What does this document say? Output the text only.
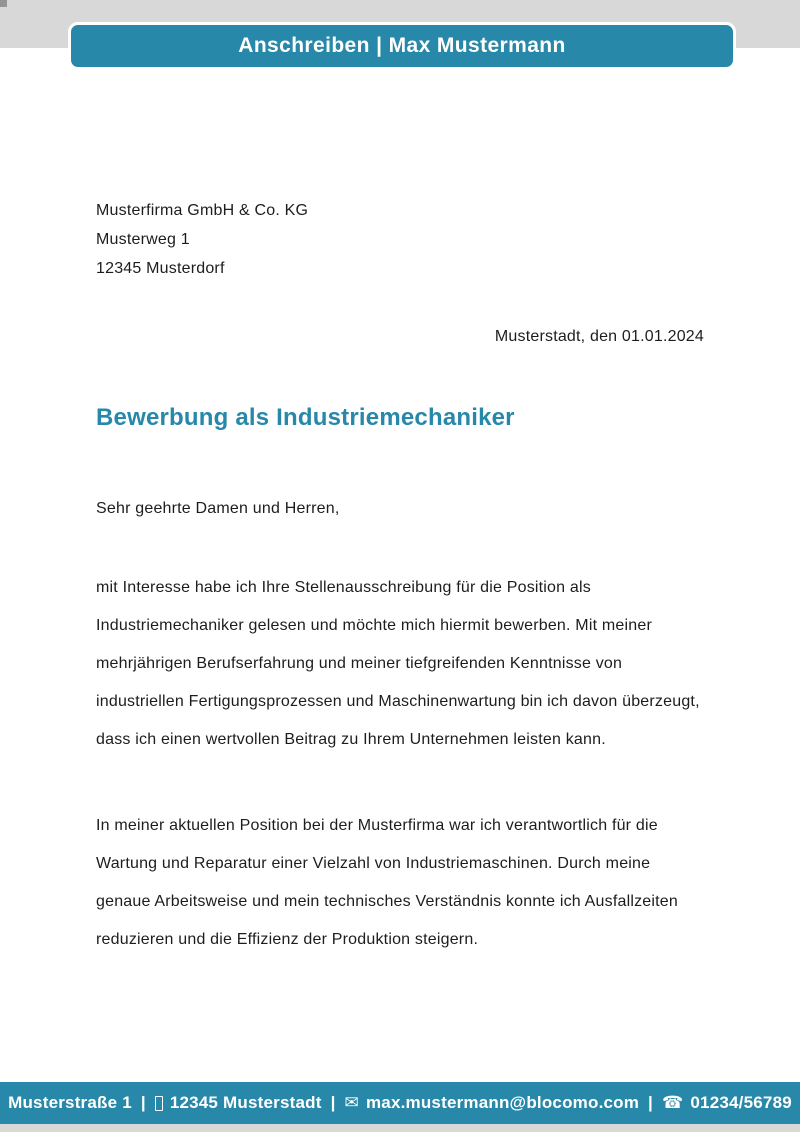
Anschreiben | Max Mustermann
Musterfirma GmbH & Co. KG
Musterweg 1
12345 Musterdorf
Musterstadt, den 01.01.2024
Bewerbung als Industriemechaniker
Sehr geehrte Damen und Herren,
mit Interesse habe ich Ihre Stellenausschreibung für die Position als
Industriemechaniker gelesen und möchte mich hiermit bewerben. Mit meiner
mehrjährigen Berufserfahrung und meiner tiefgreifenden Kenntnisse von
industriellen Fertigungsprozessen und Maschinenwartung bin ich davon überzeugt,
dass ich einen wertvollen Beitrag zu Ihrem Unternehmen leisten kann.
In meiner aktuellen Position bei der Musterfirma war ich verantwortlich für die
Wartung und Reparatur einer Vielzahl von Industriemaschinen. Durch meine
genaue Arbeitsweise und mein technisches Verständnis konnte ich Ausfallzeiten
reduzieren und die Effizienz der Produktion steigern.
Musterstraße 1 | 12345 Musterstadt | ✉ max.mustermann@blocomo.com | ☎ 01234/56789
